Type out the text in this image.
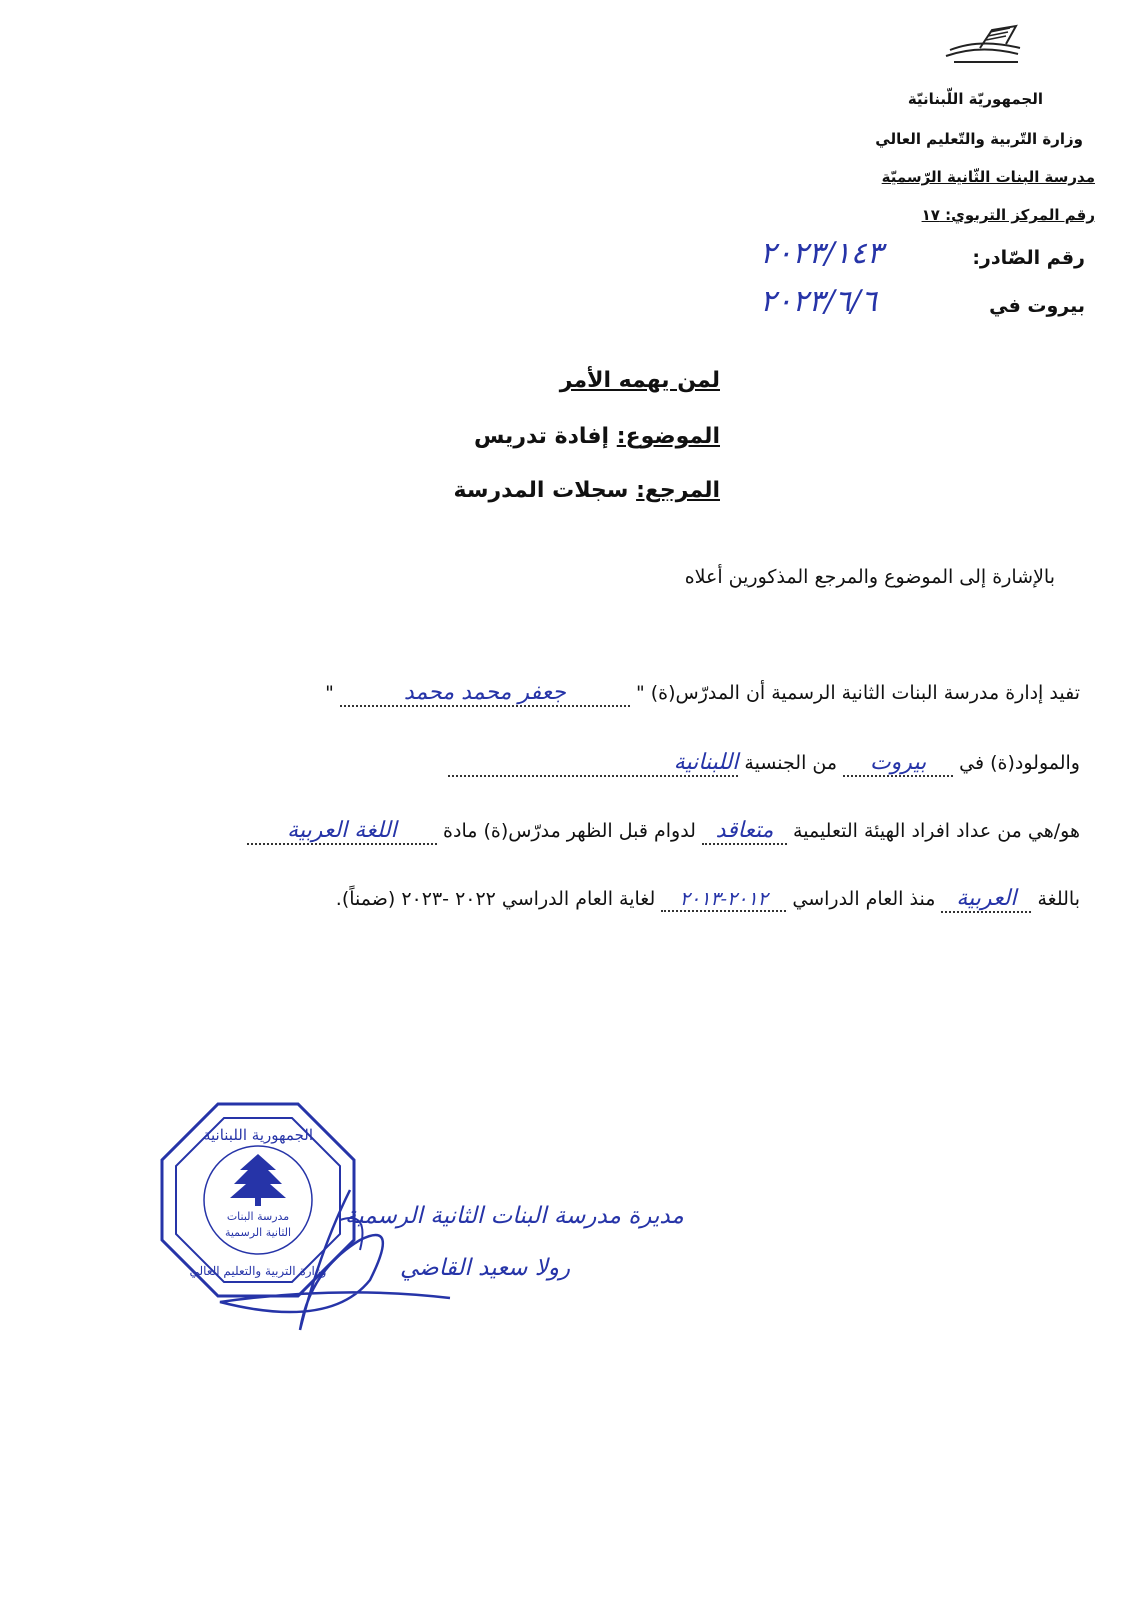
الجمهوريّة اللّبنانيّة
وزارة التّربية والتّعليم العالي
مدرسة البنات الثّانية الرّسميّة
رقم المركز التربوي: ١٧
رقم الصّادر:
٢٠٢٣/١٤٣
بيروت في
٢٠٢٣/٦/٦
لمن يهمه الأمر
الموضوع: إفادة تدريس
المرجع: سجلات المدرسة
بالإشارة إلى الموضوع والمرجع المذكورين أعلاه
تفيد إدارة مدرسة البنات الثانية الرسمية أن المدرّس(ة) " جعفر محمد محمد "
والمولود(ة) في بيروت من الجنسية اللبنانية
هو/هي من عداد افراد الهيئة التعليمية متعاقد لدوام قبل الظهر مدرّس(ة) مادة اللغة العربية
باللغة العربية منذ العام الدراسي ٢٠١٢-٢٠١٣ لغاية العام الدراسي ٢٠٢٢ -٢٠٢٣ (ضمناً).
الجمهورية اللبنانية
وزارة التربية والتعليم العالي
مدرسة البنات
الثانية الرسمية
مديرة مدرسة البنات الثانية الرسمية
رولا سعيد القاضي
